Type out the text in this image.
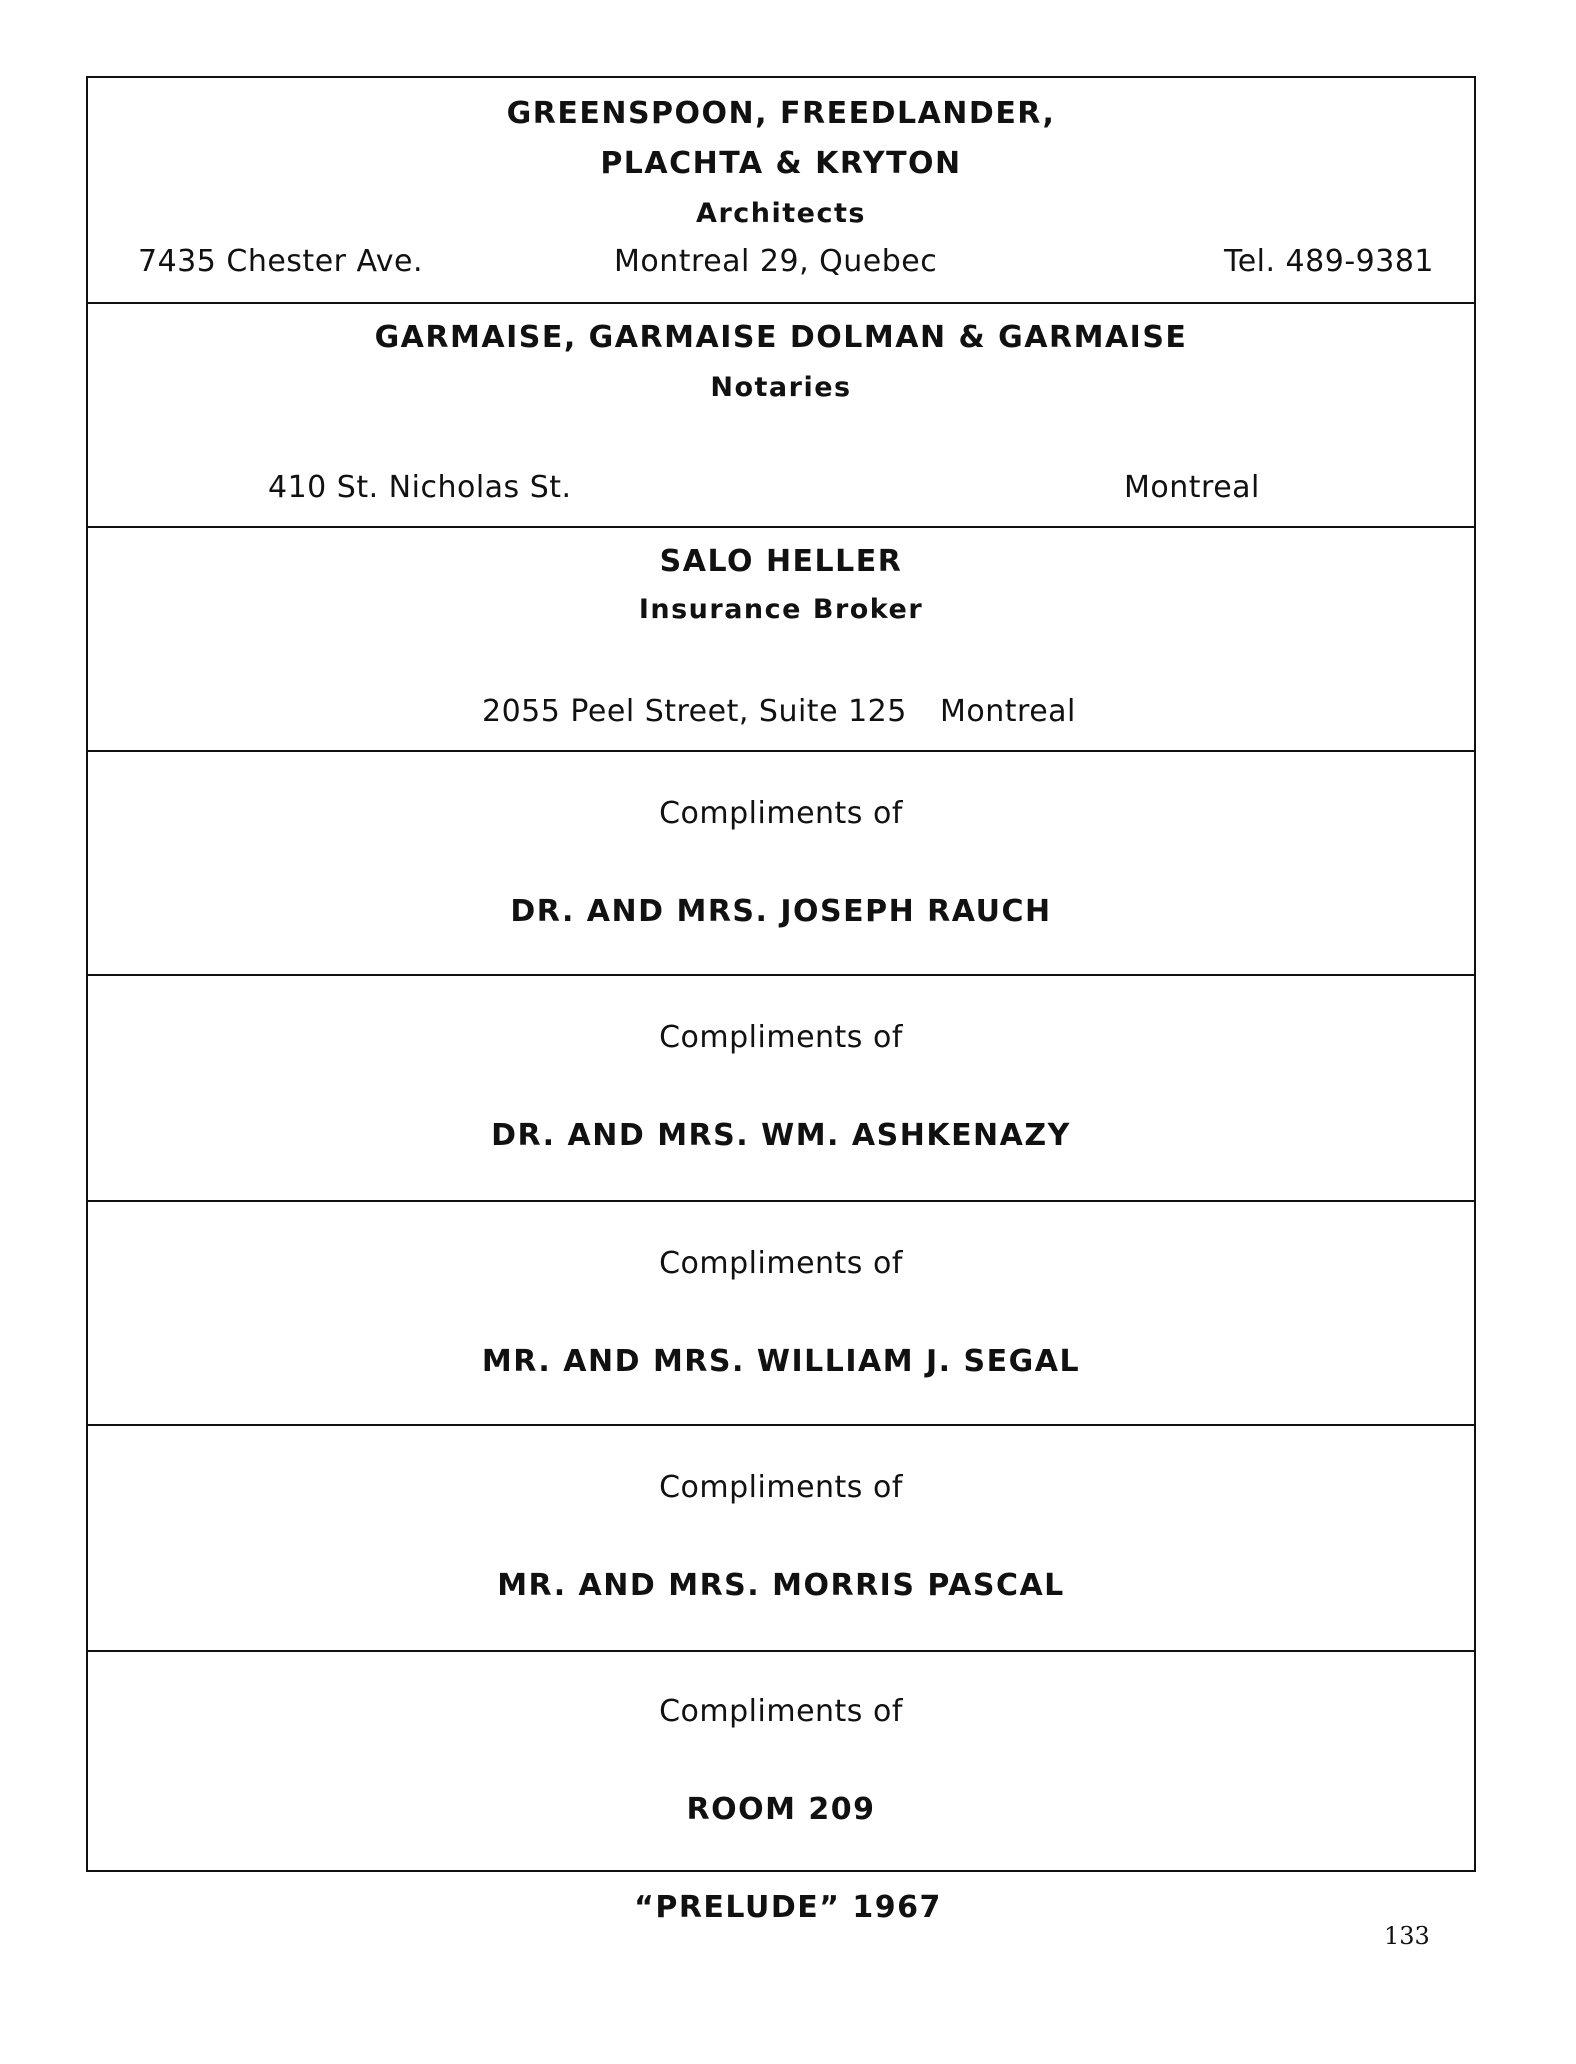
GREENSPOON, FREEDLANDER,
PLACHTA & KRYTON
Architects
7435 Chester Ave.	Montreal 29, Quebec	Tel. 489-9381
GARMAISE, GARMAISE DOLMAN & GARMAISE
Notaries
410 St. Nicholas St.	Montreal
SALO HELLER
Insurance Broker
2055 Peel Street, Suite 125 Montreal
Compliments of
DR. AND MRS. JOSEPH RAUCH
Compliments of
DR. AND MRS. WM. ASHKENAZY
Compliments of
MR. AND MRS. WILLIAM J. SEGAL
Compliments of
MR. AND MRS. MORRIS PASCAL
Compliments of
ROOM 209
“PRELUDE” 1967
133
